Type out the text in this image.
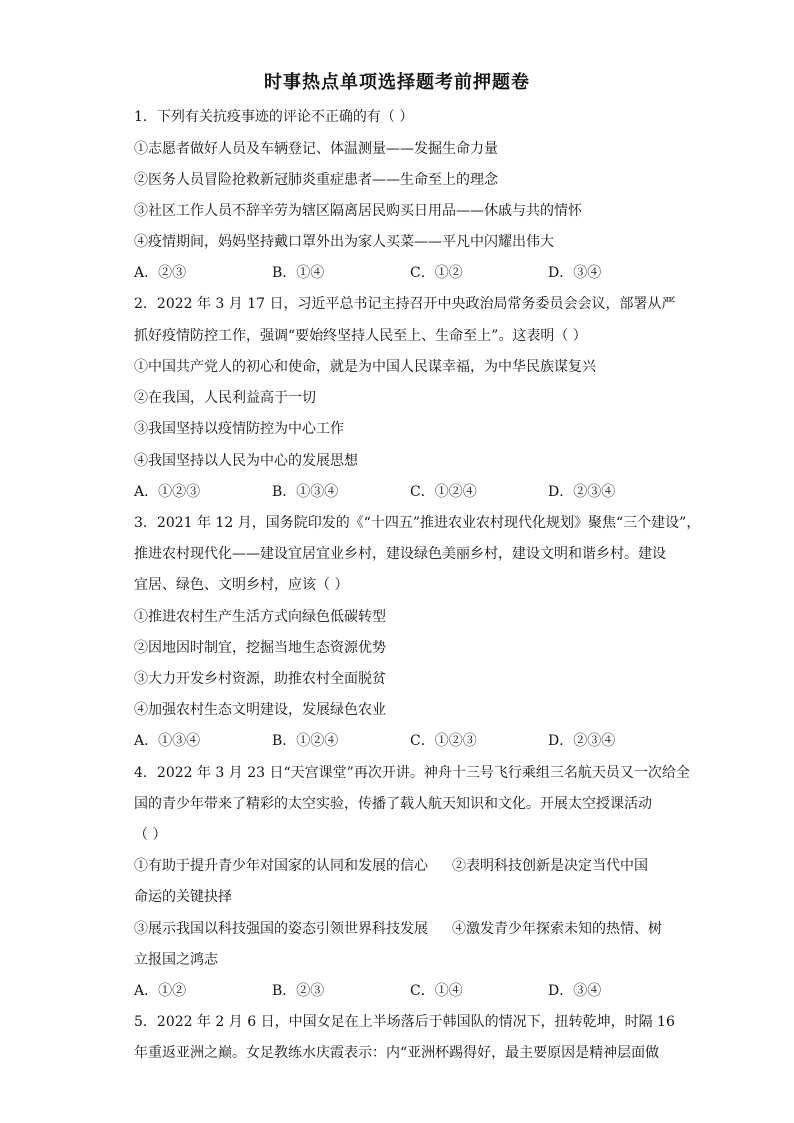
时事热点单项选择题考前押题卷
1．下列有关抗疫事迹的评论不正确的有（ ）
①志愿者做好人员及车辆登记、体温测量——发掘生命力量
②医务人员冒险抢救新冠肺炎重症患者——生命至上的理念
③社区工作人员不辞辛劳为辖区隔离居民购买日用品——休戚与共的情怀
④疫情期间，妈妈坚持戴口罩外出为家人买菜——平凡中闪耀出伟大
A．②③	B．①④	C．①②	D．③④
2．2022 年 3 月 17 日，习近平总书记主持召开中央政治局常务委员会会议，部署从严
抓好疫情防控工作，强调“要始终坚持人民至上、生命至上”。这表明（ ）
①中国共产党人的初心和使命，就是为中国人民谋幸福，为中华民族谋复兴
②在我国，人民利益高于一切
③我国坚持以疫情防控为中心工作
④我国坚持以人民为中心的发展思想
A．①②③	B．①③④	C．①②④	D．②③④
3．2021 年 12 月，国务院印发的《“十四五”推进农业农村现代化规划》聚焦“三个建设”，
推进农村现代化——建设宜居宜业乡村，建设绿色美丽乡村，建设文明和谐乡村。建设
宜居、绿色、文明乡村，应该（ ）
①推进农村生产生活方式向绿色低碳转型
②因地因时制宜，挖掘当地生态资源优势
③大力开发乡村资源，助推农村全面脱贫
④加强农村生态文明建设，发展绿色农业
A．①③④	B．①②④	C．①②③	D．②③④
4．2022 年 3 月 23 日“天宫课堂”再次开讲。神舟十三号飞行乘组三名航天员又一次给全
国的青少年带来了精彩的太空实验，传播了载人航天知识和文化。开展太空授课活动
（ ）
①有助于提升青少年对国家的认同和发展的信心 ②表明科技创新是决定当代中国
命运的关键抉择
③展示我国以科技强国的姿态引领世界科技发展 ④激发青少年探索未知的热情、树
立报国之鸿志
A．①②	B．②③	C．①④	D．③④
5．2022 年 2 月 6 日，中国女足在上半场落后于韩国队的情况下，扭转乾坤，时隔 16
年重返亚洲之巅。女足教练水庆霞表示：内“亚洲杯踢得好，最主要原因是精神层面做
